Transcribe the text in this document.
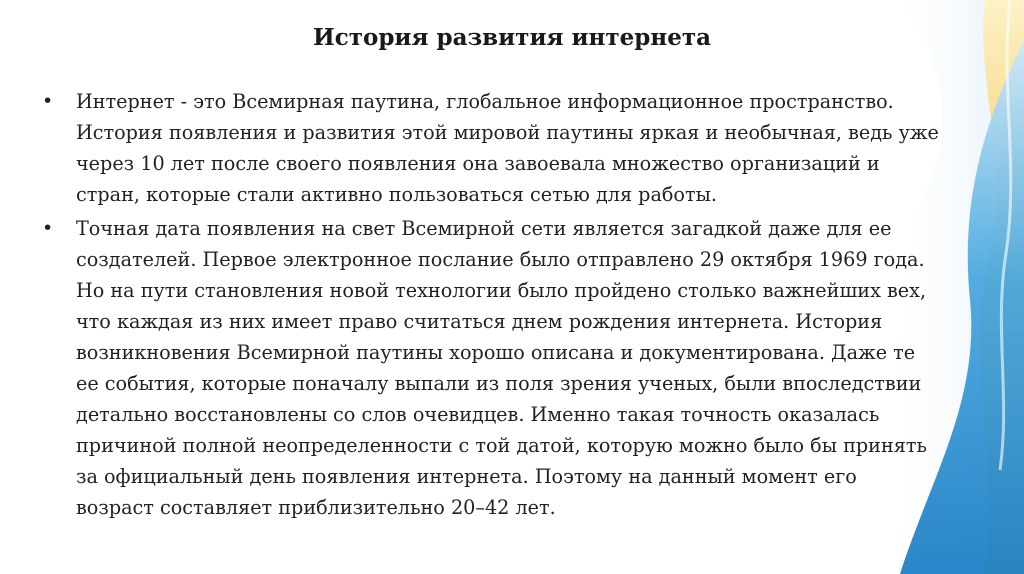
История развития интернета
• Интернет - это Всемирная паутина, глобальное информационное пространство. История появления и развития этой мировой паутины яркая и необычная, ведь уже через 10 лет после своего появления она завоевала множество организаций и стран, которые стали активно пользоваться сетью для работы.
• Точная дата появления на свет Всемирной сети является загадкой даже для ее создателей. Первое электронное послание было отправлено 29 октября 1969 года. Но на пути становления новой технологии было пройдено столько важнейших вех, что каждая из них имеет право считаться днем рождения интернета. История возникновения Всемирной паутины хорошо описана и документирована. Даже те ее события, которые поначалу выпали из поля зрения ученых, были впоследствии детально восстановлены со слов очевидцев. Именно такая точность оказалась причиной полной неопределенности с той датой, которую можно было бы принять за официальный день появления интернета. Поэтому на данный момент его возраст составляет приблизительно 20–42 лет.
